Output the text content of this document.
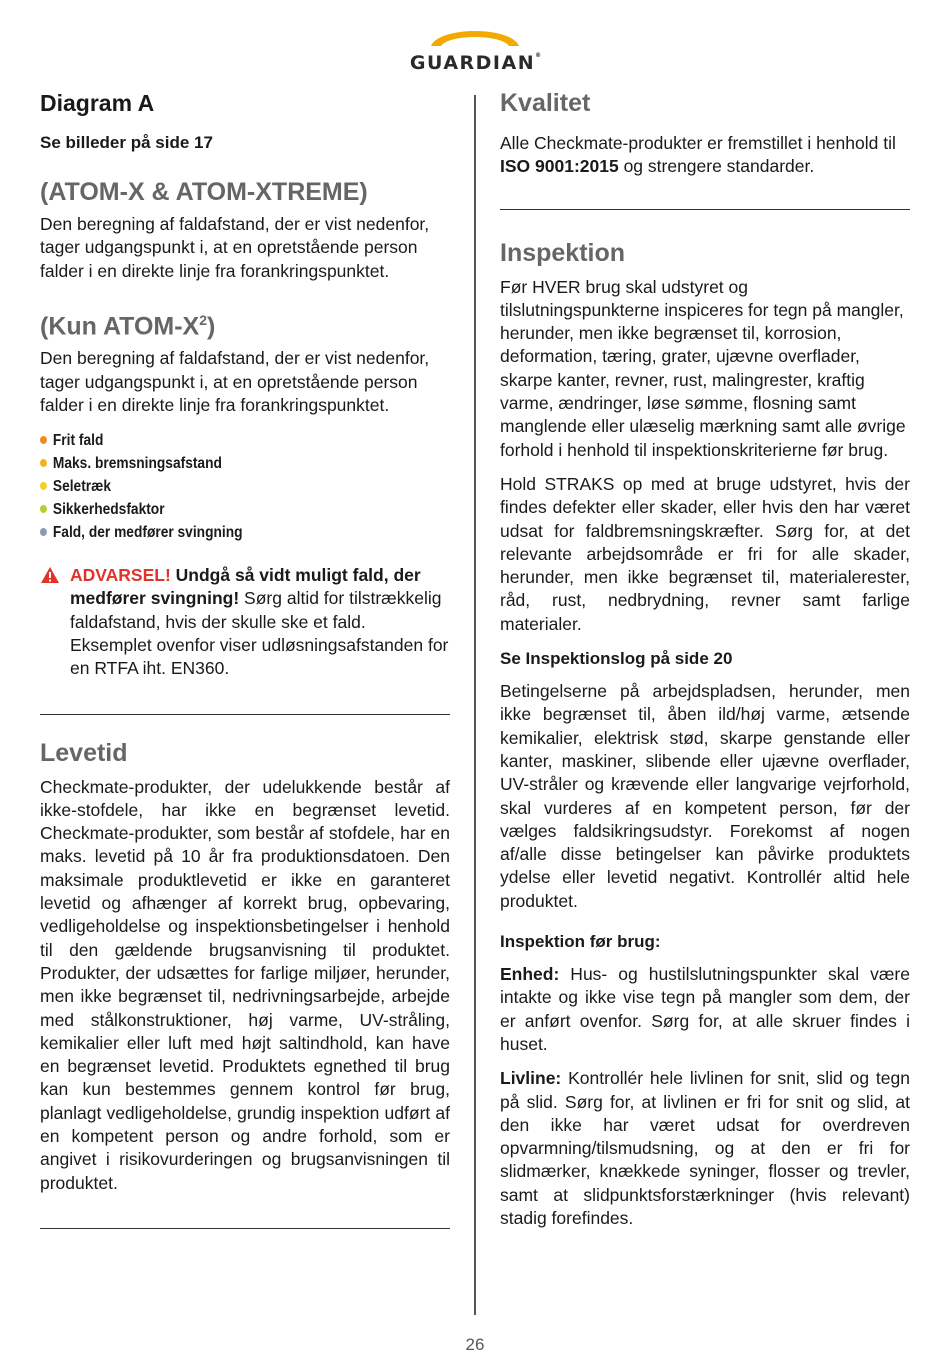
GUARDIAN®
Diagram A
Se billeder på side 17
(ATOM-X & ATOM-XTREME)

Den beregning af faldafstand, der er vist nedenfor, tager udgangspunkt i, at en opretstående person falder i en direkte linje fra forankringspunktet.

(Kun ATOM-$X^2$)

Den beregning af faldafstand, der er vist nedenfor, tager udgangspunkt i, at en opretstående person falder i en direkte linje fra forankringspunktet.

Frit fald
Maks. bremsningsafstand
Seletræk
Sikkerhedsfaktor
Fald, der medfører svingning

ADVARSEL! Undgå så vidt muligt fald, der medfører svingning! Sørg altid for tilstrækkelig faldafstand, hvis der skulle ske et fald. Eksemplet ovenfor viser udløsningsafstanden for en RTFA iht. EN360.

Levetid

Checkmate-produkter, der udelukkende består af ikke-stofdele, har ikke en begrænset levetid. Checkmate-produkter, som består af stofdele, har en maks. levetid på 10 år fra produktionsdatoen. Den maksimale produktlevetid er ikke en garanteret levetid og afhænger af korrekt brug, opbevaring, vedligeholdelse og inspektionsbetingelser i henhold til den gældende brugsanvisning til produktet. Produkter, der udsættes for farlige miljøer, herunder, men ikke begrænset til, nedrivningsarbejde, arbejde med stålkonstruktioner, høj varme, UV-stråling, kemikalier eller luft med højt saltindhold, kan have en begrænset levetid. Produktets egnethed til brug kan kun bestemmes gennem kontrol før brug, planlagt vedligeholdelse, grundig inspektion udført af en kompetent person og andre forhold, som er angivet i risikovurderingen og brugsanvisningen til produktet.

Kvalitet

Alle Checkmate-produkter er fremstillet i henhold til ISO 9001:2015 og strengere standarder.

Inspektion

Før HVER brug skal udstyret og tilslutningspunkterne inspiceres for tegn på mangler, herunder, men ikke begrænset til, korrosion, deformation, tæring, grater, ujævne overflader, skarpe kanter, revner, rust, malingrester, kraftig varme, ændringer, løse sømme, flosning samt manglende eller ulæselig mærkning samt alle øvrige forhold i henhold til inspektionskriterierne før brug.

Hold STRAKS op med at bruge udstyret, hvis der findes defekter eller skader, eller hvis den har været udsat for faldbremsningskræfter. Sørg for, at det relevante arbejdsområde er fri for alle skader, herunder, men ikke begrænset til, materialerester, råd, rust, nedbrydning, revner samt farlige materialer.

Se Inspektionslog på side 20

Betingelserne på arbejdspladsen, herunder, men ikke begrænset til, åben ild/høj varme, ætsende kemikalier, elektrisk stød, skarpe genstande eller kanter, maskiner, slibende eller ujævne overflader, UV-stråler og krævende eller langvarige vejrforhold, skal vurderes af en kompetent person, før der vælges faldsikringsudstyr. Forekomst af nogen af/alle disse betingelser kan påvirke produktets ydelse eller levetid negativt. Kontrollér altid hele produktet.

Inspektion før brug:

Enhed: Hus- og hustilslutningspunkter skal være intakte og ikke vise tegn på mangler som dem, der er anført ovenfor. Sørg for, at alle skruer findes i huset.

Livline: Kontrollér hele livlinen for snit, slid og tegn på slid. Sørg for, at livlinen er fri for snit og slid, at den ikke har været udsat for overdreven opvarmning/tilsmudsning, og at den er fri for slidmærker, knækkede syninger, flosser og trevler, samt at slidpunktsforstærkninger (hvis relevant) stadig forefindes.

26
